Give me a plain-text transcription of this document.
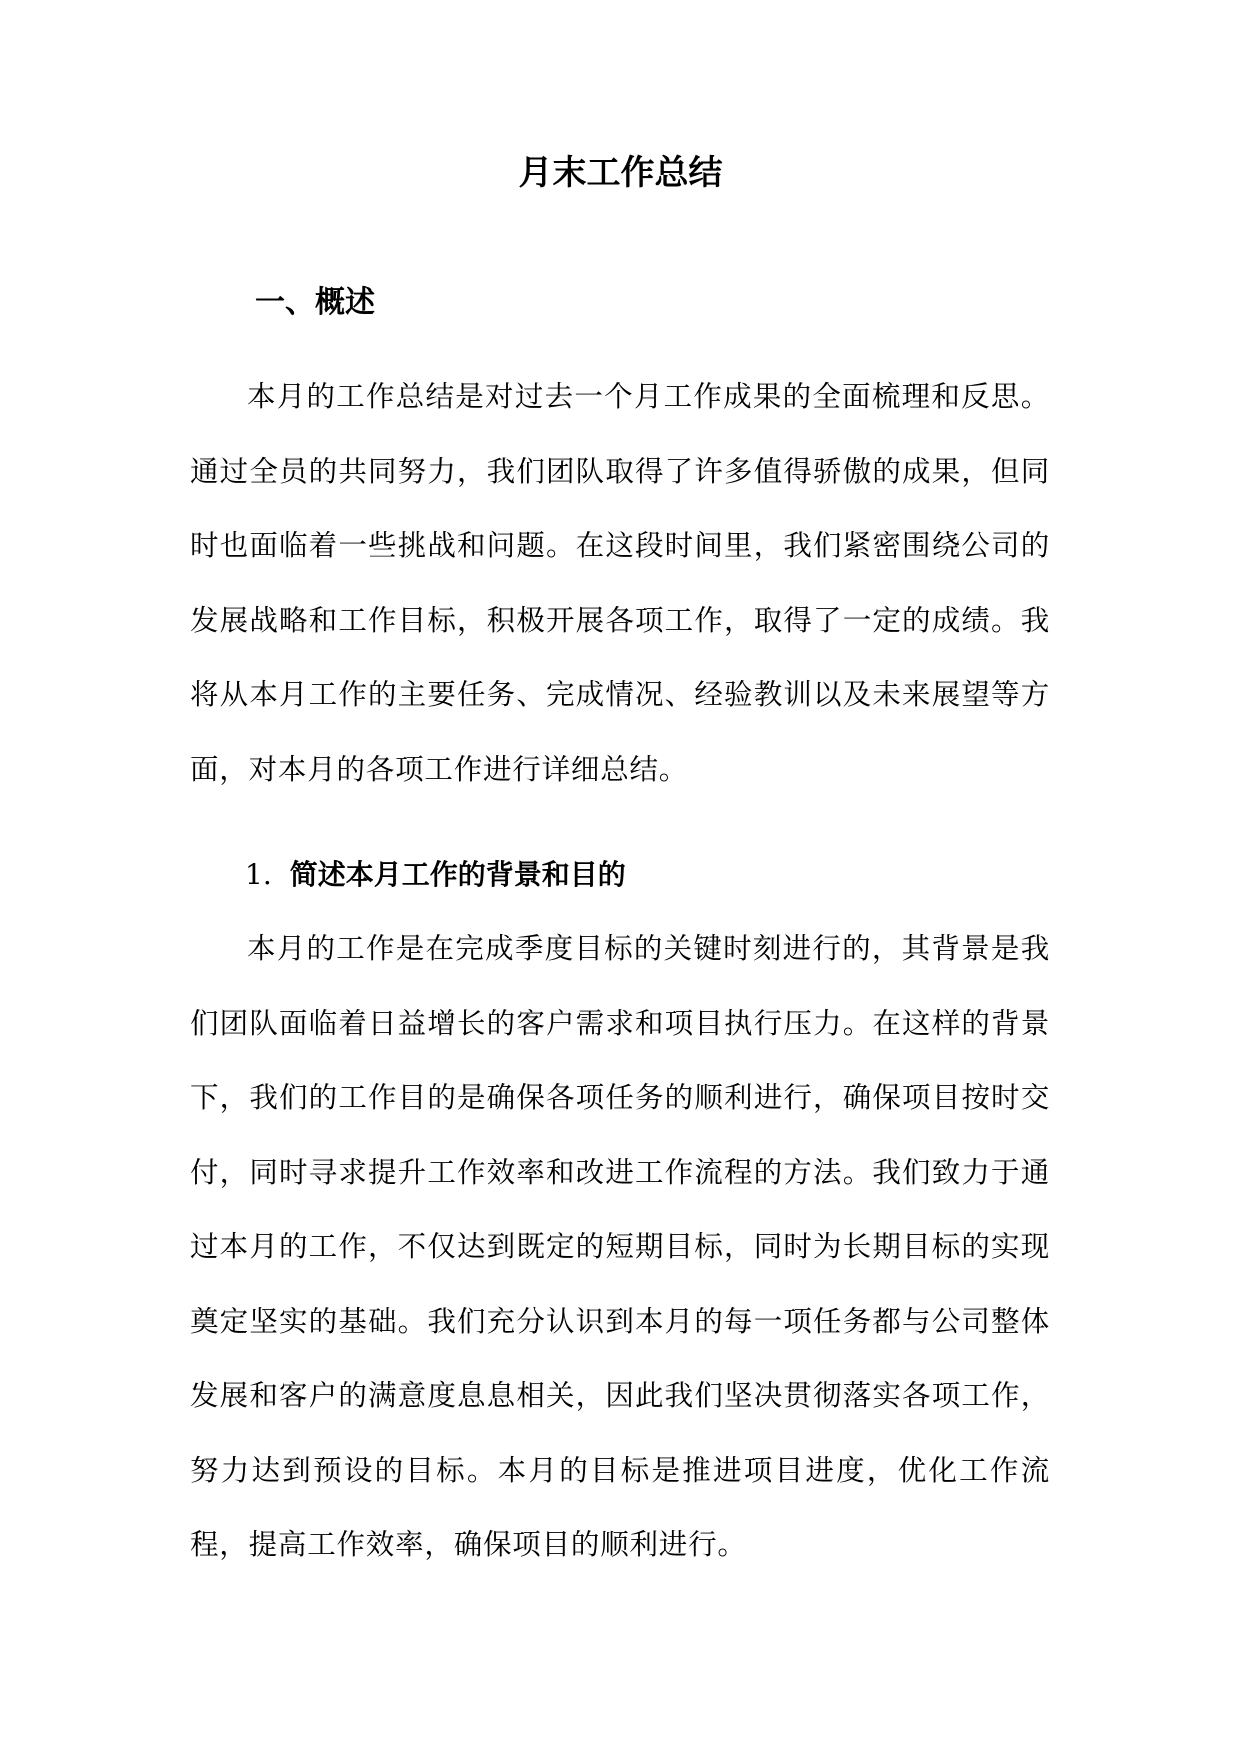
月末工作总结
一、概述

本月的工作总结是对过去一个月工作成果的全面梳理和反思。通过全员的共同努力，我们团队取得了许多值得骄傲的成果，但同时也面临着一些挑战和问题。在这段时间里，我们紧密围绕公司的发展战略和工作目标，积极开展各项工作，取得了一定的成绩。我将从本月工作的主要任务、完成情况、经验教训以及未来展望等方面，对本月的各项工作进行详细总结。

1. 简述本月工作的背景和目的

本月的工作是在完成季度目标的关键时刻进行的，其背景是我们团队面临着日益增长的客户需求和项目执行压力。在这样的背景下，我们的工作目的是确保各项任务的顺利进行，确保项目按时交付，同时寻求提升工作效率和改进工作流程的方法。我们致力于通过本月的工作，不仅达到既定的短期目标，同时为长期目标的实现奠定坚实的基础。我们充分认识到本月的每一项任务都与公司整体发展和客户的满意度息息相关，因此我们坚决贯彻落实各项工作，努力达到预设的目标。本月的目标是推进项目进度，优化工作流程，提高工作效率，确保项目的顺利进行。
